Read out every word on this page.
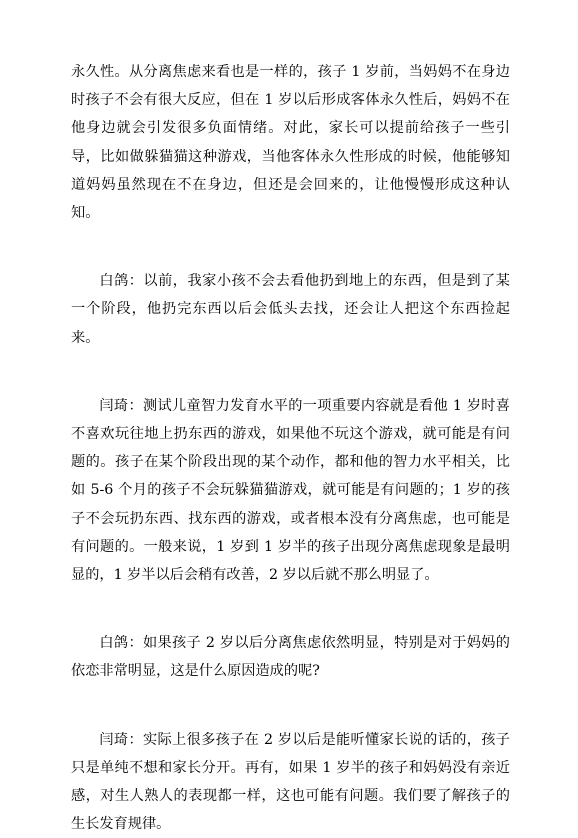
永久性。从分离焦虑来看也是一样的，孩子 1 岁前，当妈妈不在身边时孩子不会有很大反应，但在 1 岁以后形成客体永久性后，妈妈不在他身边就会引发很多负面情绪。对此，家长可以提前给孩子一些引导，比如做躲猫猫这种游戏，当他客体永久性形成的时候，他能够知道妈妈虽然现在不在身边，但还是会回来的，让他慢慢形成这种认知。

白鸽：以前，我家小孩不会去看他扔到地上的东西，但是到了某一个阶段，他扔完东西以后会低头去找，还会让人把这个东西捡起来。

闫琦：测试儿童智力发育水平的一项重要内容就是看他 1 岁时喜不喜欢玩往地上扔东西的游戏，如果他不玩这个游戏，就可能是有问题的。孩子在某个阶段出现的某个动作，都和他的智力水平相关，比如 5-6 个月的孩子不会玩躲猫猫游戏，就可能是有问题的；1 岁的孩子不会玩扔东西、找东西的游戏，或者根本没有分离焦虑，也可能是有问题的。一般来说，1 岁到 1 岁半的孩子出现分离焦虑现象是最明显的，1 岁半以后会稍有改善，2 岁以后就不那么明显了。

白鸽：如果孩子 2 岁以后分离焦虑依然明显，特别是对于妈妈的依恋非常明显，这是什么原因造成的呢?

闫琦：实际上很多孩子在 2 岁以后是能听懂家长说的话的，孩子只是单纯不想和家长分开。再有，如果 1 岁半的孩子和妈妈没有亲近感，对生人熟人的表现都一样，这也可能有问题。我们要了解孩子的生长发育规律。
